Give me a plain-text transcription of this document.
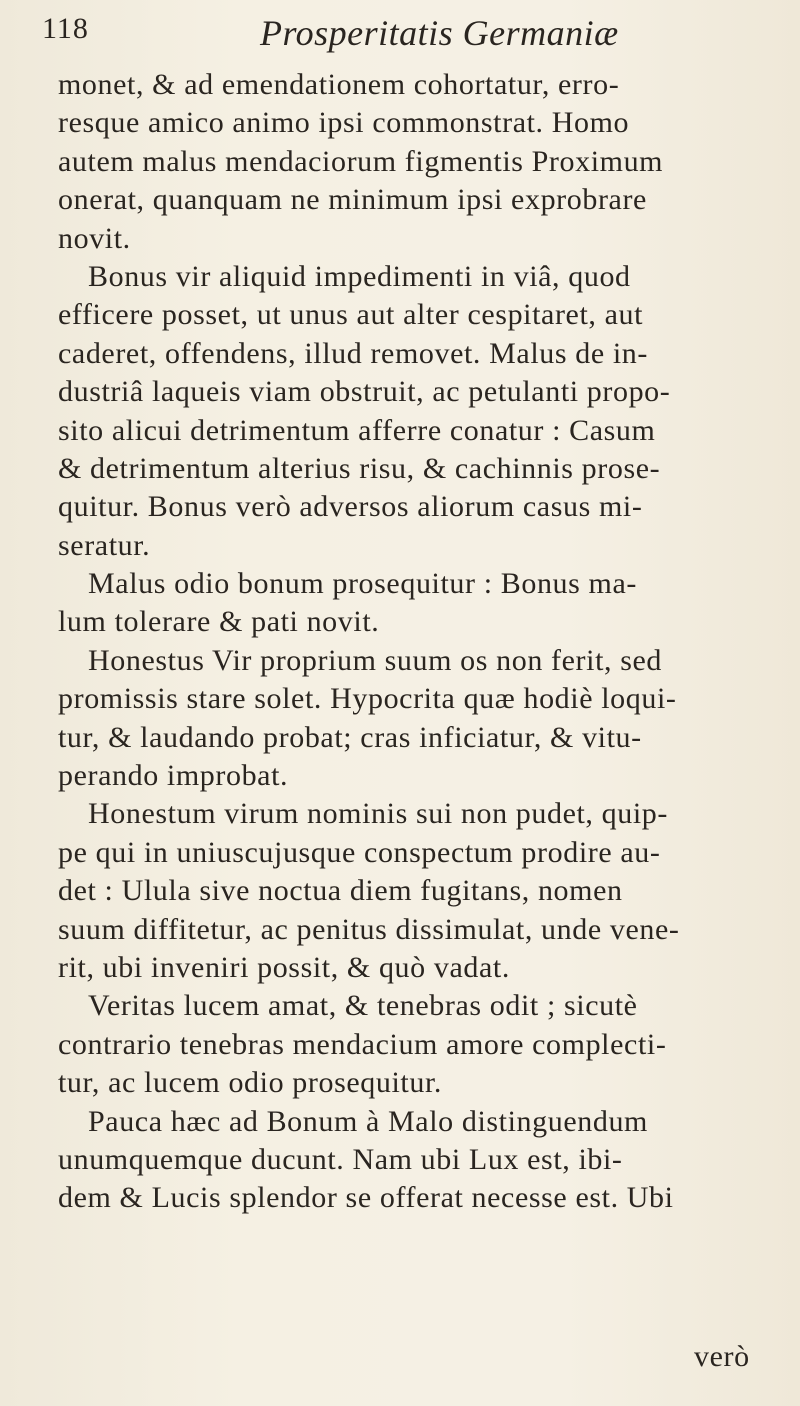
118	Prosperitatis Germaniæ
monet, & ad emendationem cohortatur, erro-
resque amico animo ipsi commonstrat. Homo
autem malus mendaciorum figmentis Proximum
onerat, quanquam ne minimum ipsi exprobrare
novit.
Bonus vir aliquid impedimenti in viâ, quod
efficere posset, ut unus aut alter cespitaret, aut
caderet, offendens, illud removet. Malus de in-
dustriâ laqueis viam obstruit, ac petulanti propo-
sito alicui detrimentum afferre conatur : Casum
& detrimentum alterius risu, & cachinnis prose-
quitur. Bonus verò adversos aliorum casus mi-
seratur.
Malus odio bonum prosequitur : Bonus ma-
lum tolerare & pati novit.
Honestus Vir proprium suum os non ferit, sed
promissis stare solet. Hypocrita quæ hodiè loqui-
tur, & laudando probat; cras inficiatur, & vitu-
perando improbat.
Honestum virum nominis sui non pudet, quip-
pe qui in uniuscujusque conspectum prodire au-
det : Ulula sive noctua diem fugitans, nomen
suum diffitetur, ac penitus dissimulat, unde vene-
rit, ubi inveniri possit, & quò vadat.
Veritas lucem amat, & tenebras odit ; sicutè
contrario tenebras mendacium amore complecti-
tur, ac lucem odio prosequitur.
Pauca hæc ad Bonum à Malo distinguendum
unumquemque ducunt. Nam ubi Lux est, ibi-
dem & Lucis splendor se offerat necesse est. Ubi
verò
